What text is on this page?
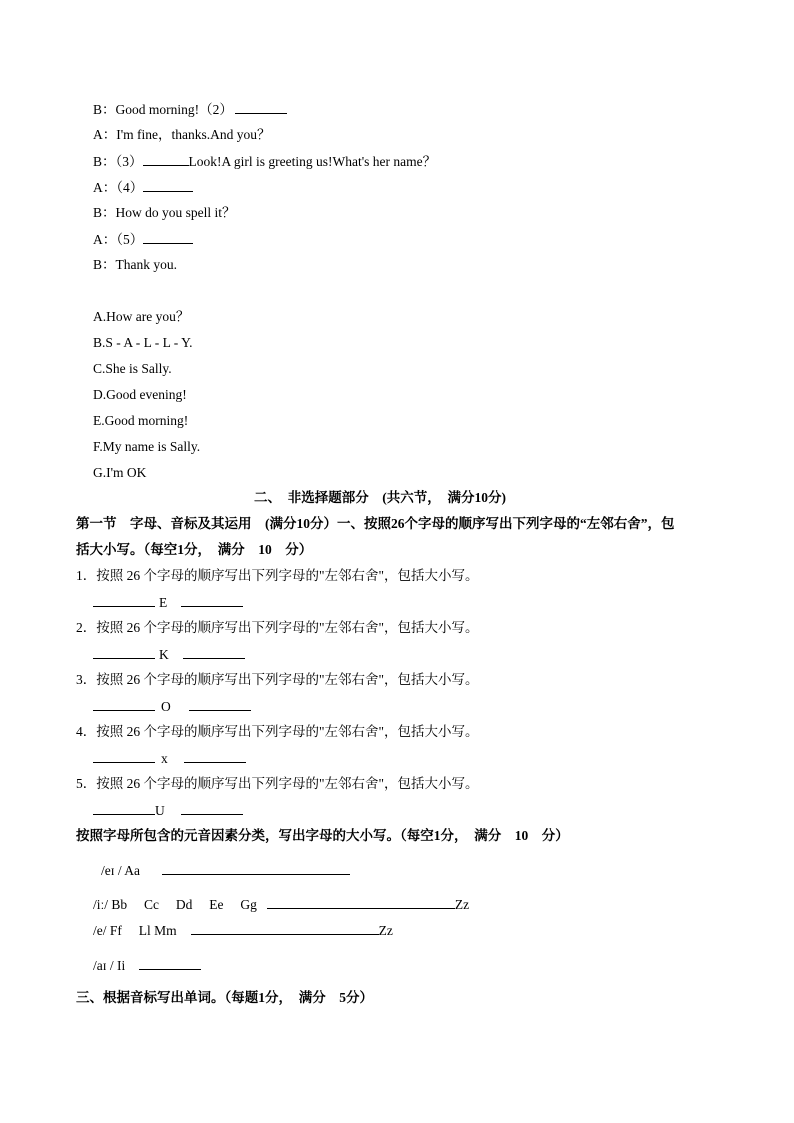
B：Good morning!（2）
A：I'm fine，thanks.And you？
B：（3）	Look!A girl is greeting us!What's her name？
A：（4）
B：How do you spell it？
A：（5）
B：Thank you.
A.How are you？
B.S - A - L - L - Y.
C.She is Sally.
D.Good evening!
E.Good morning!
F.My name is Sally.
G.I'm OK
二、　非选择题部分　(共六节，　满分10分)
第一节　字母、音标及其运用　(满分10分）一、按照26个字母的顺序写出下列字母的“左邻右舍”，包
括大小写。（每空1分，　满分　10　分）
1．按照 26 个字母的顺序写出下列字母的"左邻右舍"，包括大小写。
E
2．按照 26 个字母的顺序写出下列字母的"左邻右舍"，包括大小写。
K
3．按照 26 个字母的顺序写出下列字母的"左邻右舍"，包括大小写。
O
4．按照 26 个字母的顺序写出下列字母的"左邻右舍"，包括大小写。
x
5．按照 26 个字母的顺序写出下列字母的"左邻右舍"，包括大小写。
U
按照字母所包含的元音因素分类，写出字母的大小写。（每空1分，　满分　10　分）
/eɪ / Aa
/iː/ Bb　 Cc　 Dd　 Ee　 Gg	Zz
/e/ Ff　 Ll Mm	Zz
/aɪ / Ii
三、根据音标写出单词。（每题1分，　满分　5分）
